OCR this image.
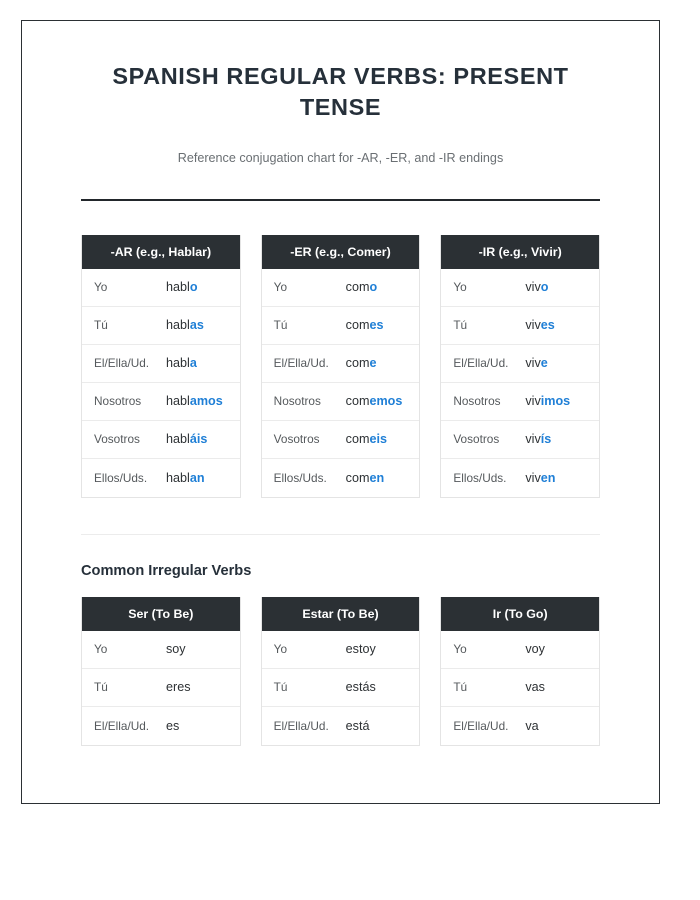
SPANISH REGULAR VERBS: PRESENT TENSE

Reference conjugation chart for -AR, -ER, and -IR endings

-AR (e.g., Hablar)
Yo	hablo
Tú	hablas
El/Ella/Ud.	habla
Nosotros	hablamos
Vosotros	habláis
Ellos/Uds.	hablan
-ER (e.g., Comer)
Yo	como
Tú	comes
El/Ella/Ud.	come
Nosotros	comemos
Vosotros	comeis
Ellos/Uds.	comen
-IR (e.g., Vivir)
Yo	vivo
Tú	vives
El/Ella/Ud.	vive
Nosotros	vivimos
Vosotros	vivís
Ellos/Uds.	viven
Common Irregular Verbs
Ser (To Be)
Yo	soy
Tú	eres
El/Ella/Ud.	es
Estar (To Be)
Yo	estoy
Tú	estás
El/Ella/Ud.	está
Ir (To Go)
Yo	voy
Tú	vas
El/Ella/Ud.	va
